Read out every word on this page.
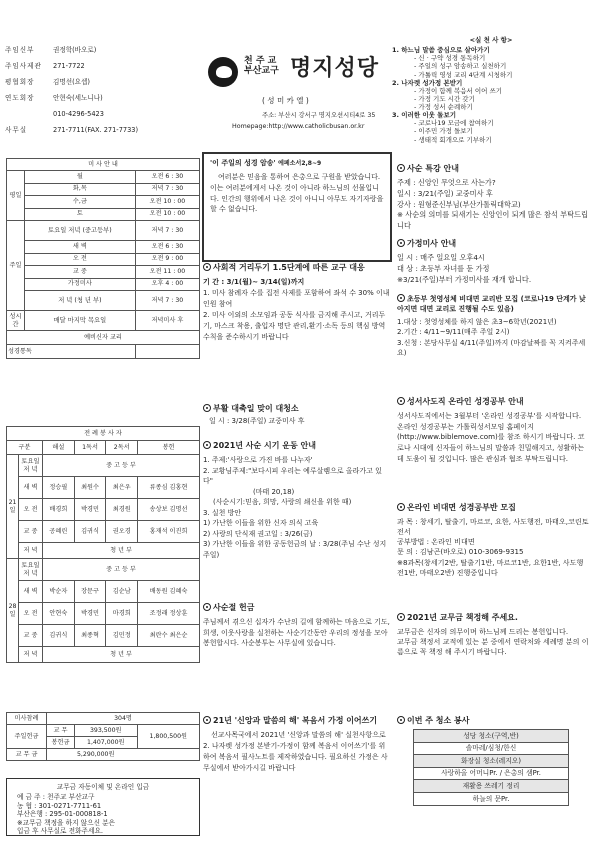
주임신부	권정학(바오로)
주임사제관	271-7722
평협회장	김명선(요셉)
연도회장	안현숙(세노니나)
010-4296-5423
사무실	271-7711(FAX. 271-7733)
천 주 교
부산교구 명지성당
( 성 미 카 엘 )
주소: 부산시 강서구 명지오션시티4로 35
Homepage:http://www.catholicbusan.or.kr
<실 천 사 항>
1. 하느님 말씀 중심으로 살아가기
- 신 · 구약 성경 통독하기
- 주일의 성구 암송하고 실천하기
- 가톨릭 영성 교리 4단계 시청하기
2. 나자렛 성가정 본받기
- 가정이 함께 복음서 이어 쓰기
- 가정 기도 시간 갖기
- 가정 성서 순례하기
3. 이러한 이웃 돌보기
- 코로나19 모금에 참여하기
- 이주민 가정 돌보기
- 생태적 회개으로 기부하기
미 사 안 내		
평일	월	오전 6 : 30
	화,목	저녁 7 : 30
	수,금	오전 10 : 00
	토	오전 10 : 00
주일	토요일 저녁 (중고등부)	저녁 7 : 30
	새 벽	오전 6 : 30
	오 전	오전 9 : 00
	교 중	오전 11 : 00
	가정미사	오후 4 : 00
	저 녁 (청 년 부)	저녁 7 : 30
성시간	매달 마지막 목요일	저녁미사 후
예비신자 교리		
성경통독		
전 례 봉 사 자					
구분		해설	1독서	2독서	봉헌
21일	토요일 저 녁	중 고 등 부			
	새 벽	정승필	최원수	최은우	류종심 김홍현
	오 전	배경희	박경민	최경원	송상보 김명선
	교 중	공혜린	김귀식	권오경	홍재석 이진희
	저 녁	청 년 부			
28일	토요일 저 녁	중 고 등 부			
	새 벽	박순자	장문구	김순남	배동원 김혜숙
	오 전	안현숙	박경민	마경희	조정래 정상훈
	교 중	김귀식	최종혁	김민정	최란수 최은순
	저 녁	청 년 부			
미사참례	304명		
주일헌금	교 무	393,500원	1,800,500원
	봉헌금	1,407,000원	
교 무 금	5,290,000원		
교무금 자동이체 및 온라인 입금
예 금 주 : 천주교 부산교구
농 협 : 301-0271-7711-61
부산은행 : 295-01-000818-1
※교무금 책정을 하지 않으신 분은
입금 후 사무실로 전화주세요.
'이 주일의 성경 암송' 에페소서2,8~9
여러분은 믿음을 통하여 은총으로 구원을 받았습니다. 이는 여러분에게서 나온 것이 아니라 하느님의 선물입니다. 인간의 행위에서 나온 것이 아니니 아무도 자기자랑을 할 수 없습니다.
사회적 거리두기 1.5단계에 따른 교구 대응
기 간 : 3/1(월)~ 3/14(일)까지
1. 미사 참례자 수를 집전 사제를 포함하여 좌석 수 30% 이내 인원 참여
2. 미사 이외의 소모임과 공동 식사를 금지해 주시고, 거리두기, 마스크 착용, 출입자 명단 관리,환기·소독 등의 핵심 방역수칙을 준수하시기 바랍니다
부활 대축일 맞이 대청소
일 시 : 3/28(주일) 교중미사 후
2021년 사순 시기 운동 안내
1. 주제:'사랑으로 가진 바를 나누자'
2. 교황님주제:"보다시피 우리는 예루살렘으로 올라가고 있다"
(마태 20,18)
(사순시기:믿음, 희망, 사랑의 쇄신을 위한 때)
3. 실천 방안
1) 가난한 이들을 위한 신자 의식 고육
2) 사랑의 단식재 권고일 : 3/26(금)
3) 가난한 이들을 위한 공동헌금의 날 : 3/28(주님 수난 성지 주일)
사순절 헌금
주님께서 겪으신 십자가 수난의 길에 함께하는 마음으로 기도, 희생, 이웃사랑을 실천하는 사순기간동안 우리의 정성을 모아 봉헌합시다. 사순봉투는 사무실에 있습니다.
21년 '신앙과 말씀의 해' 복음서 가정 이어쓰기
선교사목국에서 2021년 '신앙과 말씀의 해' 실천사항으로 2. 나자렛 성가정 본받기-가정이 함께 복음서 이어쓰기'를 위하여 복음서 필사노트를 제작하였습니다. 필요하신 가정은 사무실에서 받아가시길 바랍니다
사순 특강 안내
주제 : 신앙인 무엇으로 사는가?
일시 : 3/21(주일) 교중미사 후
강사 : 원형준신부님(부산가톨릭대학교)
※ 사순의 의미를 되새기는 신앙인이 되게 많은 참석 부탁드립니다
가정미사 안내
일 시 : 매주 일요일 오후4시
대 상 : 초등부 자녀를 둔 가정
※3/21(주일)부터 가정미사를 재개 합니다.
초등부 첫영성체 비대면 교리반 모집 (코로나19 단계가 낮아지면 대면 교리로 진행될 수도 있음)
1.대상 : 첫영성체를 하지 않은 초3~6학년(2021년)
2.기간 : 4/11~9/11(매주 주일 2시)
3.신청 : 본당사무실 4/11(주일)까지 (마감날짜를 꼭 지켜주세요)
성서사도직 온라인 성경공부 안내
성서사도직에서는 3월부터 '온라인 성경공부'를 시작합니다. 온라인 성경공부는 가톨릭성서모임 홈페이지(http://www.biblemove.com)를 참조 하시기 바랍니다. 코로나 시대에 신자들이 하느님의 말씀과 친밀해지고, 성활하는데 도움이 될 것입니다. 많은 관심과 협조 부탁드립니다.
온라인 비대면 성경공부반 모집
과 목 : 창세기, 탈출기, 마르코, 요한, 사도행전, 마태오,코린토전서
공부방법 : 온라인 비대면
문 의 : 김남곤(바오로) 010-3069-9315
※8과목(창세기2반, 탈출기1반, 마르코1반, 요한1반, 사도행전1반, 마태오2반) 진행중입니다
2021년 교무금 책정해 주세요.
교무금은 신자의 의무이며 하느님께 드리는 봉헌입니다.
교무금 책정서 교적에 있는 분 중에서 연락처와 세례명 분의 이름으로 꼭 책정 해 주시기 바랍니다.
이번 주 청소 봉사
성당 청소(구역,반)
솔마레/심청/한신
화장실 청소(레지오)
사랑하올 어머니Pr. / 은총의 샘Pr.
재활용 쓰레기 정리
하늘의 문Pr.
